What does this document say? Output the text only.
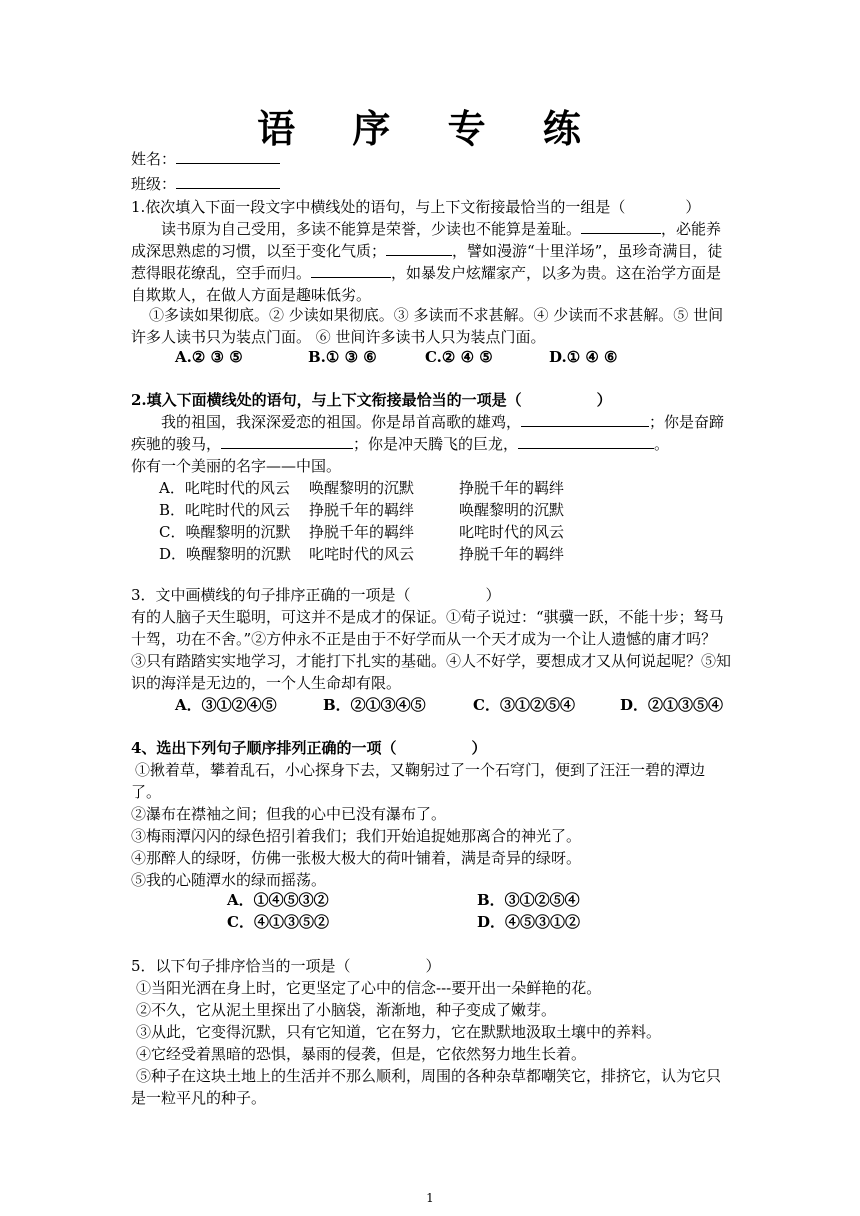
语 序 专 练
姓名：
班级：
1.依次填入下面一段文字中横线处的语句，与上下文衔接最恰当的一组是（　　　　）
读书原为自己受用，多读不能算是荣誉，少读也不能算是羞耻。	，必能养成深思熟虑的习惯，以至于变化气质；	，譬如漫游“十里洋场”，虽珍奇满目，徒惹得眼花缭乱，空手而归。	，如暴发户炫耀家产，以多为贵。这在治学方面是自欺欺人，在做人方面是趣味低劣。
①多读如果彻底。② 少读如果彻底。③ 多读而不求甚解。④ 少读而不求甚解。⑤ 世间许多人读书只为装点门面。 ⑥ 世间许多读书人只为装点门面。
A.② ③ ⑤	B.① ③ ⑥	C.② ④ ⑤	D.① ④ ⑥
2.填入下面横线处的语句，与上下文衔接最恰当的一项是（　　　　　）
我的祖国，我深深爱恋的祖国。你是昂首高歌的雄鸡，	；你是奋蹄疾驰的骏马，	；你是冲天腾飞的巨龙，	。
你有一个美丽的名字——中国。
A．叱咤时代的风云 唤醒黎明的沉默	挣脱千年的羁绊
B．叱咤时代的风云 挣脱千年的羁绊	唤醒黎明的沉默
C．唤醒黎明的沉默 挣脱千年的羁绊	叱咤时代的风云
D．唤醒黎明的沉默 叱咤时代的风云	挣脱千年的羁绊
3．文中画横线的句子排序正确的一项是（　　　　　）
有的人脑子天生聪明，可这并不是成才的保证。①荀子说过：“骐骥一跃，不能十步；驽马十驾，功在不舍。”②方仲永不正是由于不好学而从一个天才成为一个让人遗憾的庸才吗？③只有踏踏实实地学习，才能打下扎实的基础。④人不好学，要想成才又从何说起呢？⑤知识的海洋是无边的，一个人生命却有限。
A．③①②④⑤	B．②①③④⑤	C．③①②⑤④	D．②①③⑤④
4、选出下列句子顺序排列正确的一项（　　　　　）
①揪着草，攀着乱石，小心探身下去，又鞠躬过了一个石穹门，便到了汪汪一碧的潭边了。
②瀑布在襟袖之间；但我的心中已没有瀑布了。
③梅雨潭闪闪的绿色招引着我们；我们开始追捉她那离合的神光了。
④那醉人的绿呀，仿佛一张极大极大的荷叶铺着，满是奇异的绿呀。
⑤我的心随潭水的绿而摇荡。
A．①④⑤③②	B．③①②⑤④
C．④①③⑤②	D．④⑤③①②
5．以下句子排序恰当的一项是（　　　　　）
①当阳光洒在身上时，它更坚定了心中的信念---要开出一朵鲜艳的花。
②不久，它从泥土里探出了小脑袋，渐渐地，种子变成了嫩芽。
③从此，它变得沉默，只有它知道，它在努力，它在默默地汲取土壤中的养料。
④它经受着黑暗的恐惧，暴雨的侵袭，但是，它依然努力地生长着。
⑤种子在这块土地上的生活并不那么顺利，周围的各种杂草都嘲笑它，排挤它，认为它只是一粒平凡的种子。
1
